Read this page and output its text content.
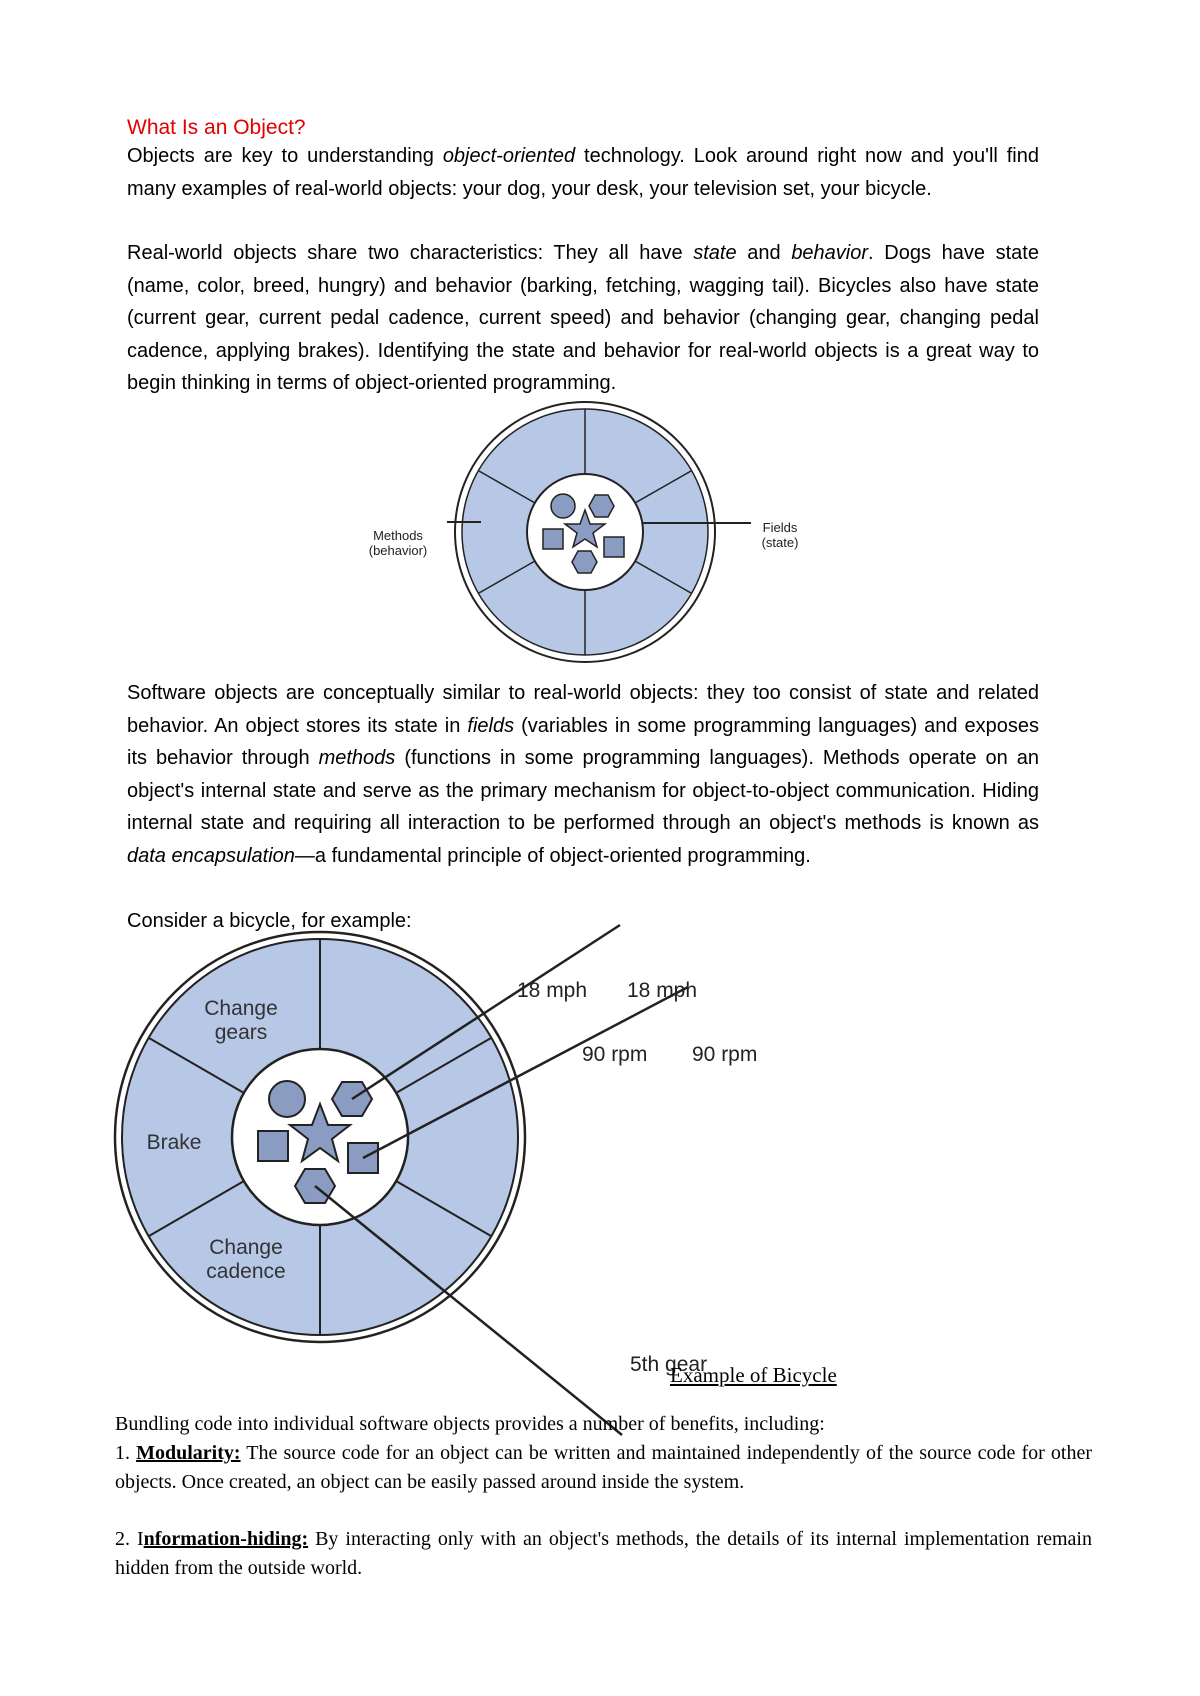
What Is an Object?
Objects are key to understanding object-oriented technology. Look around right now and you'll find many examples of real-world objects: your dog, your desk, your television set, your bicycle.
Real-world objects share two characteristics: They all have state and behavior. Dogs have state (name, color, breed, hungry) and behavior (barking, fetching, wagging tail). Bicycles also have state (current gear, current pedal cadence, current speed) and behavior (changing gear, changing pedal cadence, applying brakes). Identifying the state and behavior for real-world objects is a great way to begin thinking in terms of object-oriented programming.
Methods
(behavior)
Fields
(state)
Software objects are conceptually similar to real-world objects: they too consist of state and related behavior. An object stores its state in fields (variables in some programming languages) and exposes its behavior through methods (functions in some programming languages). Methods operate on an object's internal state and serve as the primary mechanism for object-to-object communication. Hiding internal state and requiring all interaction to be performed through an object's methods is known as data encapsulation—a fundamental principle of object-oriented programming.
Consider a bicycle, for example:
Change
gears
Brake
Change
cadence
18 mph
90 rpm
5th gear
18 mph
90 rpm
Example of Bicycle
Bundling code into individual software objects provides a number of benefits, including:
1. Modularity: The source code for an object can be written and maintained independently of the source code for other objects. Once created, an object can be easily passed around inside the system.
2. Information-hiding: By interacting only with an object's methods, the details of its internal implementation remain hidden from the outside world.
